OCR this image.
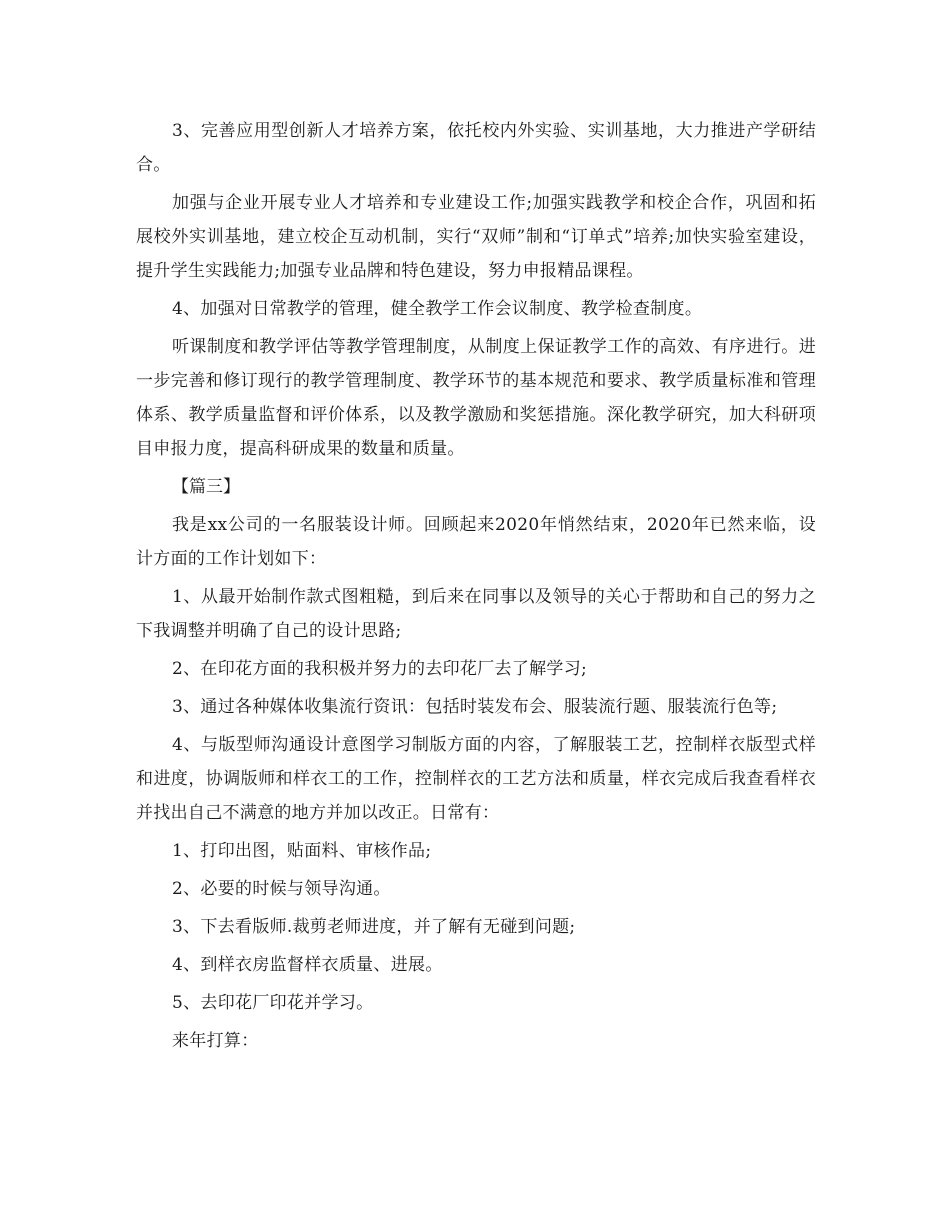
3、完善应用型创新人才培养方案，依托校内外实验、实训基地，大力推进产学研结合。

加强与企业开展专业人才培养和专业建设工作;加强实践教学和校企合作，巩固和拓展校外实训基地，建立校企互动机制，实行“双师”制和“订单式”培养;加快实验室建设，提升学生实践能力;加强专业品牌和特色建设，努力申报精品课程。

4、加强对日常教学的管理，健全教学工作会议制度、教学检查制度。

听课制度和教学评估等教学管理制度，从制度上保证教学工作的高效、有序进行。进一步完善和修订现行的教学管理制度、教学环节的基本规范和要求、教学质量标准和管理体系、教学质量监督和评价体系，以及教学激励和奖惩措施。深化教学研究，加大科研项目申报力度，提高科研成果的数量和质量。

【篇三】

我是xx公司的一名服装设计师。回顾起来2020年悄然结束，2020年已然来临，设计方面的工作计划如下：

1、从最开始制作款式图粗糙，到后来在同事以及领导的关心于帮助和自己的努力之下我调整并明确了自己的设计思路;

2、在印花方面的我积极并努力的去印花厂去了解学习;

3、通过各种媒体收集流行资讯：包括时装发布会、服装流行题、服装流行色等;

4、与版型师沟通设计意图学习制版方面的内容，了解服装工艺，控制样衣版型式样和进度，协调版师和样衣工的工作，控制样衣的工艺方法和质量，样衣完成后我查看样衣并找出自己不满意的地方并加以改正。日常有：

1、打印出图，贴面料、审核作品;

2、必要的时候与领导沟通。

3、下去看版师.裁剪老师进度，并了解有无碰到问题;

4、到样衣房监督样衣质量、进展。

5、去印花厂印花并学习。

来年打算：
